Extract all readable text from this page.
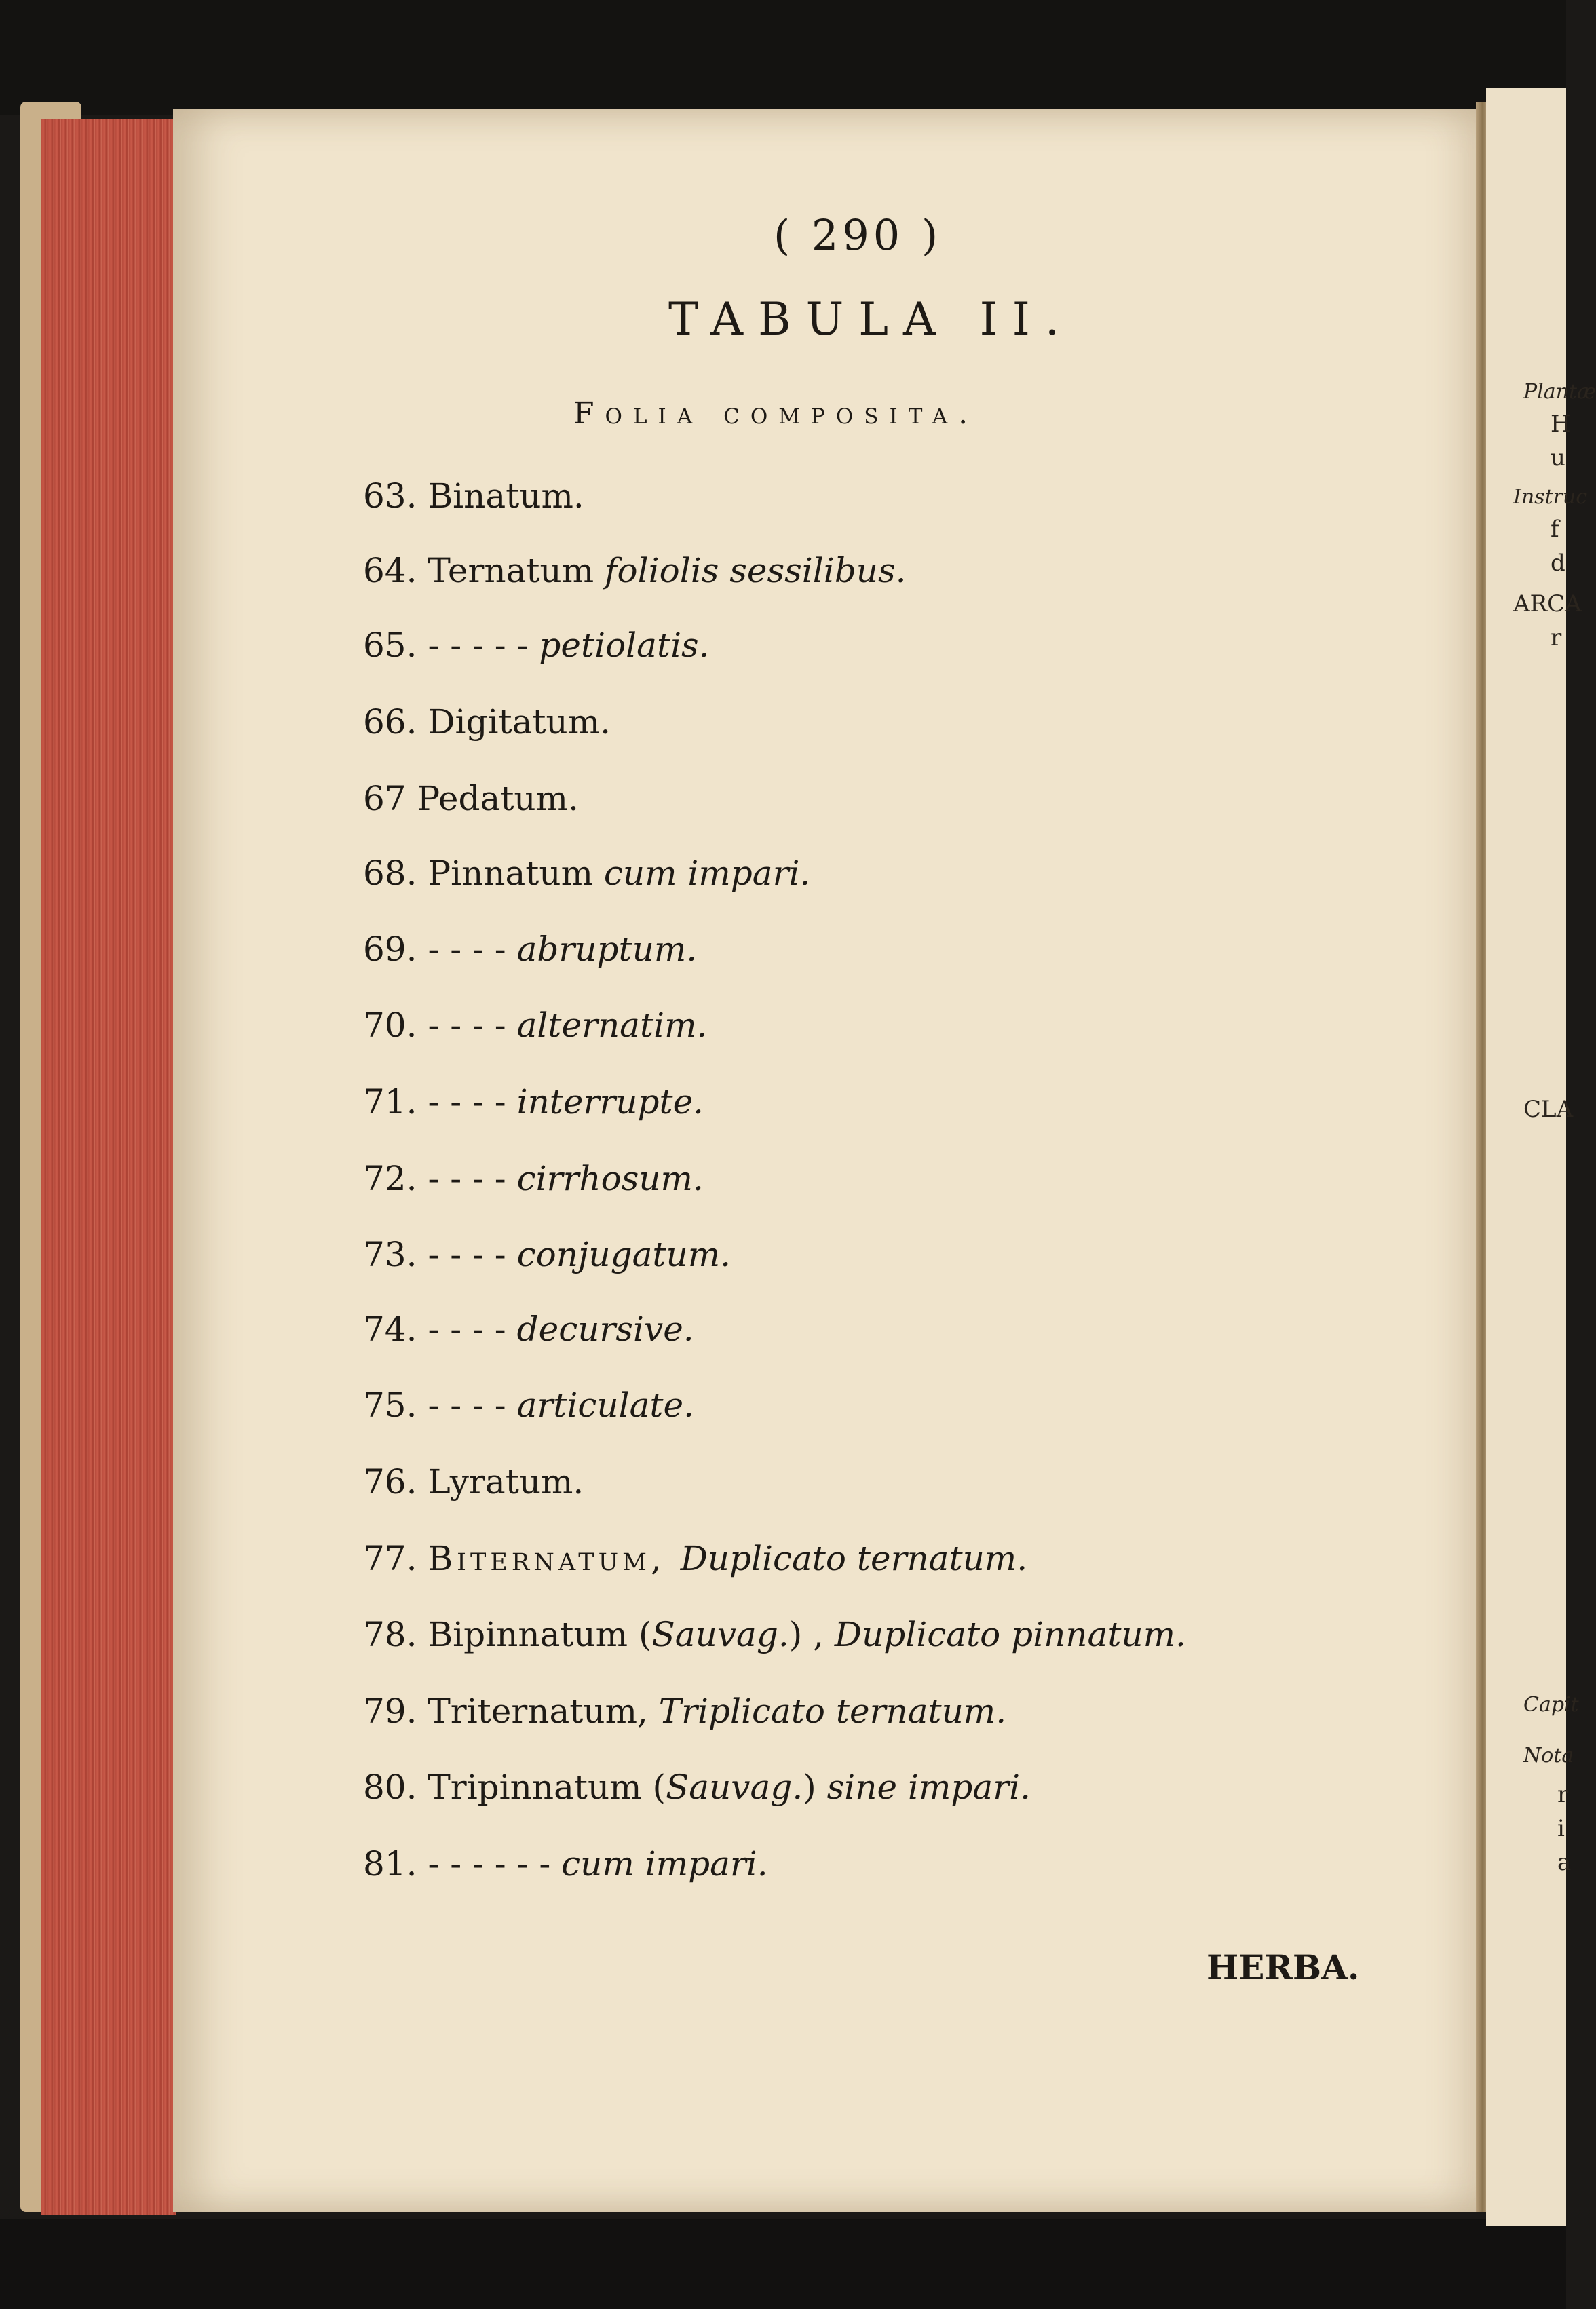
Plantæ
H
u
Instruc
f
d
ARCA
r
CLA
Capit
Nota
r
i
a
( 290 )
TABULA II.
Folia composita.
63. Binatum.
64. Ternatum foliolis sessilibus.
65. - - - - - petiolatis.
66. Digitatum.
67 Pedatum.
68. Pinnatum cum impari.
69. - - - - abruptum.
70. - - - - alternatim.
71. - - - - interrupte.
72. - - - - cirrhosum.
73. - - - - conjugatum.
74. - - - - decursive.
75. - - - - articulate.
76. Lyratum.
77. Biternatum, Duplicato ternatum.
78. Bipinnatum (Sauvag.) , Duplicato pinnatum.
79. Triternatum, Triplicato ternatum.
80. Tripinnatum (Sauvag.) sine impari.
81. - - - - - - cum impari.
HERBA.
